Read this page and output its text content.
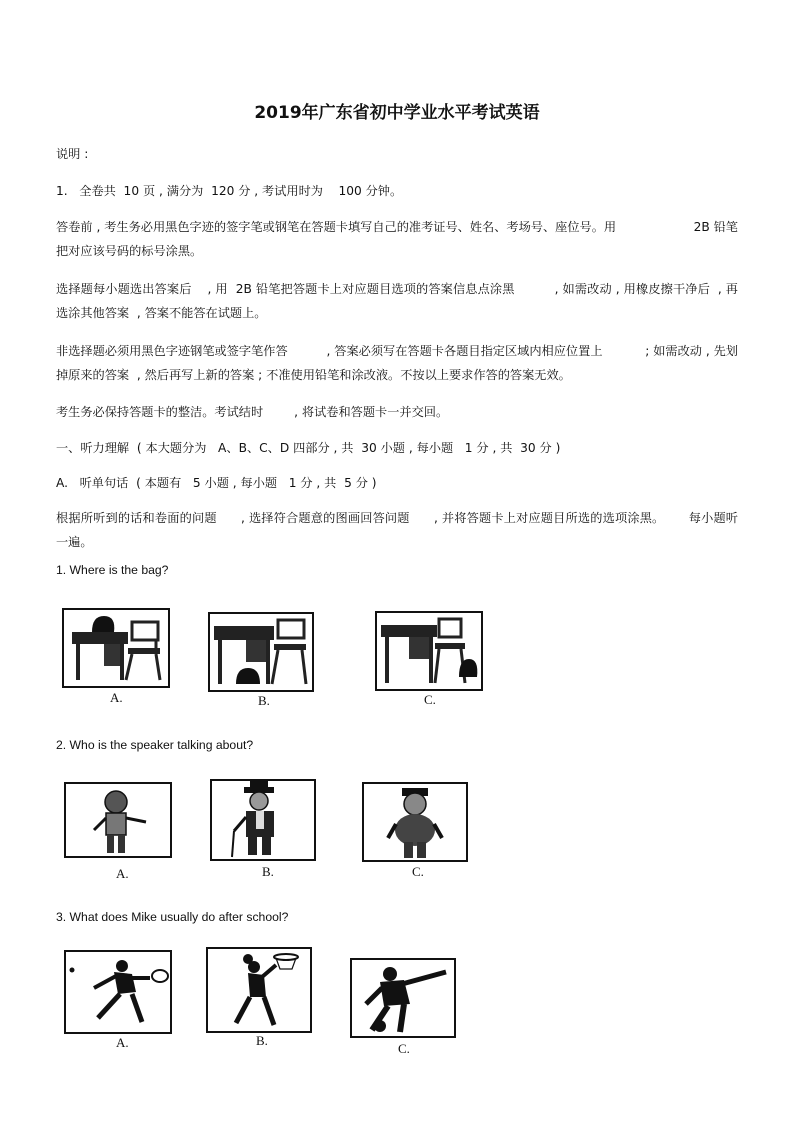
2019年广东省初中学业水平考试英语
说明 :
1.   全卷共  10 页 , 满分为  120 分 , 考试用时为    100 分钟。
答卷前 , 考生务必用黑色字迹的签字笔或钢笔在答题卡填写自己的准考证号、姓名、考场号、座位号。用                    2B 铅笔把对应该号码的标号涂黑。
选择题每小题选出答案后    , 用  2B 铅笔把答题卡上对应题目选项的答案信息点涂黑          , 如需改动 , 用橡皮擦干净后  , 再选涂其他答案  , 答案不能答在试题上。
非选择题必须用黑色字迹钢笔或签字笔作答          , 答案必须写在答题卡各题目指定区域内相应位置上           ; 如需改动 , 先划掉原来的答案  , 然后再写上新的答案 ; 不准使用铅笔和涂改液。不按以上要求作答的答案无效。
考生务必保持答题卡的整洁。考试结时        , 将试卷和答题卡一并交回。
一、听力理解  ( 本大题分为   A、B、C、D 四部分 , 共  30 小题 , 每小题   1 分 , 共  30 分 )
A.   听单句话  ( 本题有   5 小题 , 每小题   1 分 , 共  5 分 )
根据所听到的话和卷面的问题      , 选择符合题意的图画回答问题      , 并将答题卡上对应题目所选的选项涂黑。      每小题听一遍。
1. Where is the bag?
A.	B.	C.
2. Who is the speaker talking about?
A.	B.	C.
3. What does Mike usually do after school?
A.	B.
C.
